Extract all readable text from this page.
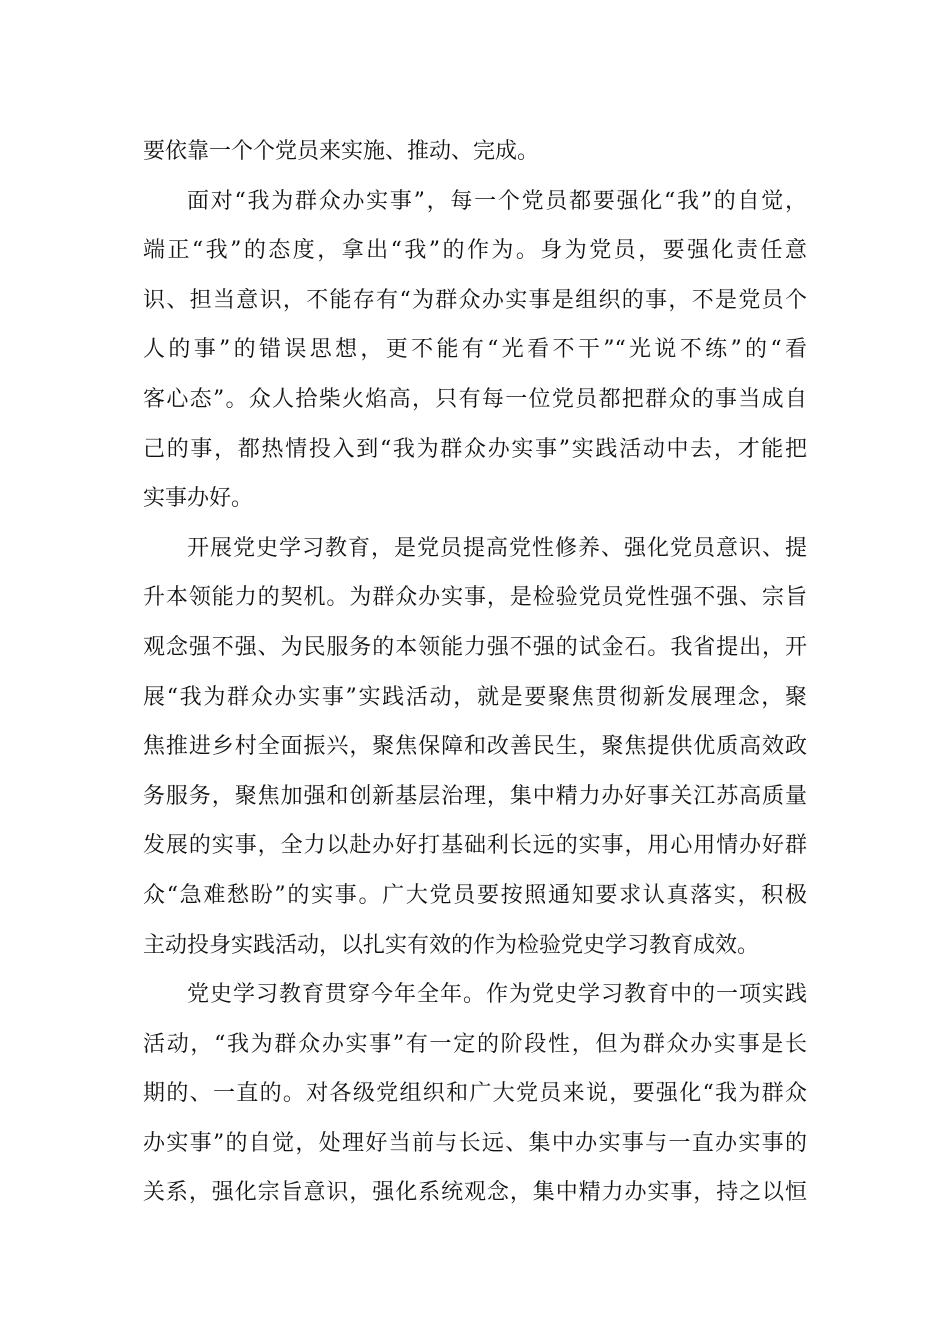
要依靠一个个党员来实施、推动、完成。
面对“我为群众办实事”，每一个党员都要强化“我”的自觉，
端正“我”的态度，拿出“我”的作为。身为党员，要强化责任意
识、担当意识，不能存有“为群众办实事是组织的事，不是党员个
人的事”的错误思想，更不能有“光看不干”“光说不练”的“看
客心态”。众人拾柴火焰高，只有每一位党员都把群众的事当成自
己的事，都热情投入到“我为群众办实事”实践活动中去，才能把
实事办好。
开展党史学习教育，是党员提高党性修养、强化党员意识、提
升本领能力的契机。为群众办实事，是检验党员党性强不强、宗旨
观念强不强、为民服务的本领能力强不强的试金石。我省提出，开
展“我为群众办实事”实践活动，就是要聚焦贯彻新发展理念，聚
焦推进乡村全面振兴，聚焦保障和改善民生，聚焦提供优质高效政
务服务，聚焦加强和创新基层治理，集中精力办好事关江苏高质量
发展的实事，全力以赴办好打基础利长远的实事，用心用情办好群
众“急难愁盼”的实事。广大党员要按照通知要求认真落实，积极
主动投身实践活动，以扎实有效的作为检验党史学习教育成效。
党史学习教育贯穿今年全年。作为党史学习教育中的一项实践
活动，“我为群众办实事”有一定的阶段性，但为群众办实事是长
期的、一直的。对各级党组织和广大党员来说，要强化“我为群众
办实事”的自觉，处理好当前与长远、集中办实事与一直办实事的
关系，强化宗旨意识，强化系统观念，集中精力办实事，持之以恒
